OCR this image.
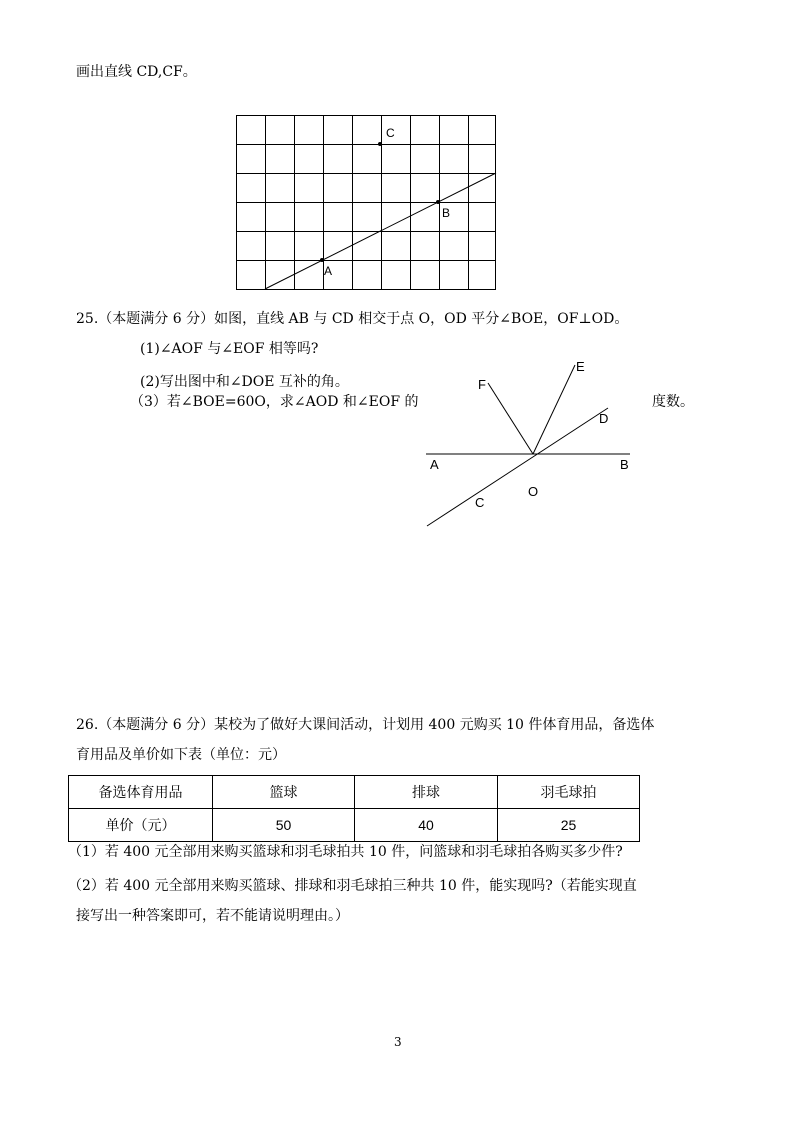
画出直线 CD,CF。
C
B
A
25.（本题满分 6 分）如图，直线 AB 与 CD 相交于点 O，OD 平分∠BOE，OF⊥OD。
(1)∠AOF 与∠EOF 相等吗?
(2)写出图中和∠DOE 互补的角。
（3）若∠BOE=60O，求∠AOD 和∠EOF 的	度数。
E
F
D
A	B
C
O
26.（本题满分 6 分）某校为了做好大课间活动，计划用 400 元购买 10 件体育用品，备选体
育用品及单价如下表（单位：元）
备选体育用品	篮球	排球	羽毛球拍
单价（元）	50	40	25
（1）若 400 元全部用来购买篮球和羽毛球拍共 10 件，问篮球和羽毛球拍各购买多少件?
（2）若 400 元全部用来购买篮球、排球和羽毛球拍三种共 10 件，能实现吗?（若能实现直
接写出一种答案即可，若不能请说明理由。）
3
